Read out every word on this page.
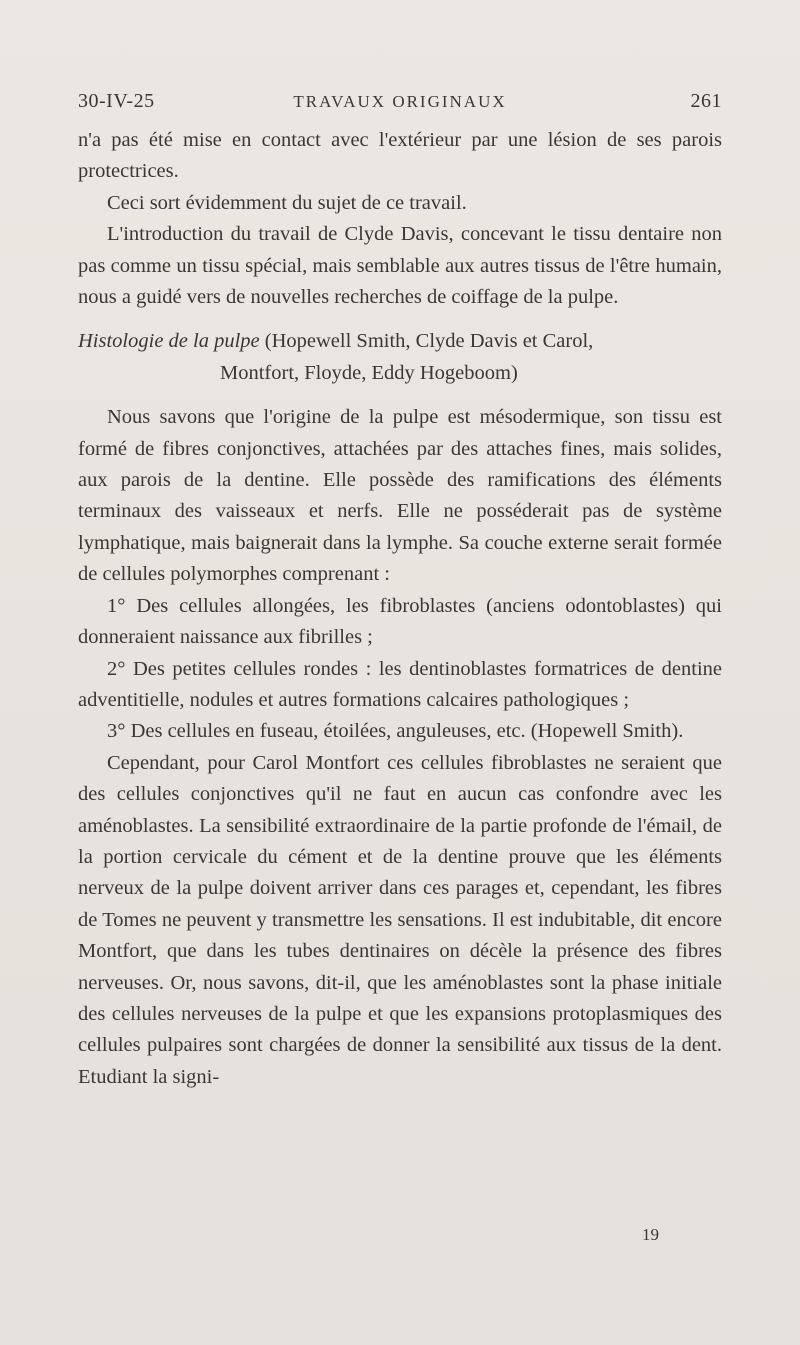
30-IV-25	TRAVAUX ORIGINAUX	261

n'a pas été mise en contact avec l'extérieur par une lésion de ses parois protectrices.

Ceci sort évidemment du sujet de ce travail.

L'introduction du travail de Clyde Davis, concevant le tissu dentaire non pas comme un tissu spécial, mais semblable aux autres tissus de l'être humain, nous a guidé vers de nouvelles recherches de coiffage de la pulpe.

Histologie de la pulpe (Hopewell Smith, Clyde Davis et Carol,
Montfort, Floyde, Eddy Hogeboom)

Nous savons que l'origine de la pulpe est mésodermique, son tissu est formé de fibres conjonctives, attachées par des attaches fines, mais solides, aux parois de la dentine. Elle possède des ramifications des éléments terminaux des vaisseaux et nerfs. Elle ne posséderait pas de système lymphatique, mais baignerait dans la lymphe. Sa couche externe serait formée de cellules polymorphes comprenant :

1° Des cellules allongées, les fibroblastes (anciens odontoblastes) qui donneraient naissance aux fibrilles ;

2° Des petites cellules rondes : les dentinoblastes formatrices de dentine adventitielle, nodules et autres formations calcaires pathologiques ;

3° Des cellules en fuseau, étoilées, anguleuses, etc. (Hopewell Smith).

Cependant, pour Carol Montfort ces cellules fibroblastes ne seraient que des cellules conjonctives qu'il ne faut en aucun cas confondre avec les aménoblastes. La sensibilité extraordinaire de la partie profonde de l'émail, de la portion cervicale du cément et de la dentine prouve que les éléments nerveux de la pulpe doivent arriver dans ces parages et, cependant, les fibres de Tomes ne peuvent y transmettre les sensations. Il est indubitable, dit encore Montfort, que dans les tubes dentinaires on décèle la présence des fibres nerveuses. Or, nous savons, dit-il, que les aménoblastes sont la phase initiale des cellules nerveuses de la pulpe et que les expansions protoplasmiques des cellules pulpaires sont chargées de donner la sensibilité aux tissus de la dent. Etudiant la signi-

19
